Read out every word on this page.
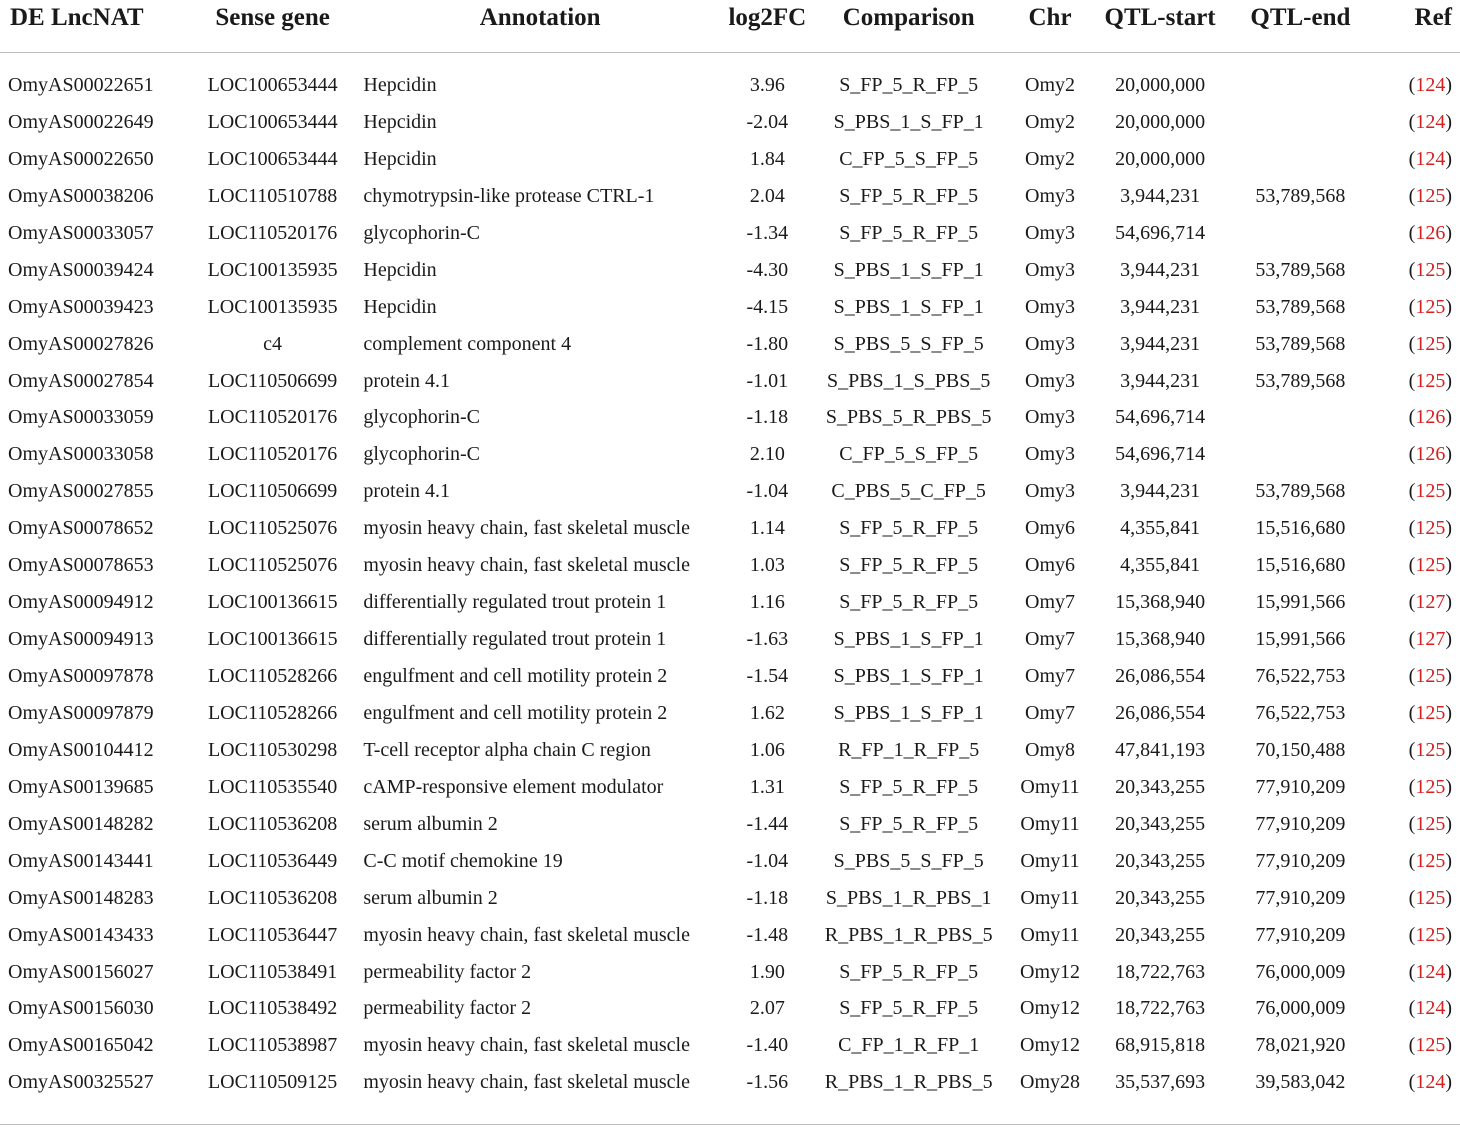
DE LncNAT	Sense gene	Annotation	log2FC	Comparison	Chr	QTL-start	QTL-end	Ref
OmyAS00022651	LOC100653444	Hepcidin	3.96	S_FP_5_R_FP_5	Omy2	20,000,000		(124)
OmyAS00022649	LOC100653444	Hepcidin	-2.04	S_PBS_1_S_FP_1	Omy2	20,000,000		(124)
OmyAS00022650	LOC100653444	Hepcidin	1.84	C_FP_5_S_FP_5	Omy2	20,000,000		(124)
OmyAS00038206	LOC110510788	chymotrypsin-like protease CTRL-1	2.04	S_FP_5_R_FP_5	Omy3	3,944,231	53,789,568	(125)
OmyAS00033057	LOC110520176	glycophorin-C	-1.34	S_FP_5_R_FP_5	Omy3	54,696,714		(126)
OmyAS00039424	LOC100135935	Hepcidin	-4.30	S_PBS_1_S_FP_1	Omy3	3,944,231	53,789,568	(125)
OmyAS00039423	LOC100135935	Hepcidin	-4.15	S_PBS_1_S_FP_1	Omy3	3,944,231	53,789,568	(125)
OmyAS00027826	c4	complement component 4	-1.80	S_PBS_5_S_FP_5	Omy3	3,944,231	53,789,568	(125)
OmyAS00027854	LOC110506699	protein 4.1	-1.01	S_PBS_1_S_PBS_5	Omy3	3,944,231	53,789,568	(125)
OmyAS00033059	LOC110520176	glycophorin-C	-1.18	S_PBS_5_R_PBS_5	Omy3	54,696,714		(126)
OmyAS00033058	LOC110520176	glycophorin-C	2.10	C_FP_5_S_FP_5	Omy3	54,696,714		(126)
OmyAS00027855	LOC110506699	protein 4.1	-1.04	C_PBS_5_C_FP_5	Omy3	3,944,231	53,789,568	(125)
OmyAS00078652	LOC110525076	myosin heavy chain, fast skeletal muscle	1.14	S_FP_5_R_FP_5	Omy6	4,355,841	15,516,680	(125)
OmyAS00078653	LOC110525076	myosin heavy chain, fast skeletal muscle	1.03	S_FP_5_R_FP_5	Omy6	4,355,841	15,516,680	(125)
OmyAS00094912	LOC100136615	differentially regulated trout protein 1	1.16	S_FP_5_R_FP_5	Omy7	15,368,940	15,991,566	(127)
OmyAS00094913	LOC100136615	differentially regulated trout protein 1	-1.63	S_PBS_1_S_FP_1	Omy7	15,368,940	15,991,566	(127)
OmyAS00097878	LOC110528266	engulfment and cell motility protein 2	-1.54	S_PBS_1_S_FP_1	Omy7	26,086,554	76,522,753	(125)
OmyAS00097879	LOC110528266	engulfment and cell motility protein 2	1.62	S_PBS_1_S_FP_1	Omy7	26,086,554	76,522,753	(125)
OmyAS00104412	LOC110530298	T-cell receptor alpha chain C region	1.06	R_FP_1_R_FP_5	Omy8	47,841,193	70,150,488	(125)
OmyAS00139685	LOC110535540	cAMP-responsive element modulator	1.31	S_FP_5_R_FP_5	Omy11	20,343,255	77,910,209	(125)
OmyAS00148282	LOC110536208	serum albumin 2	-1.44	S_FP_5_R_FP_5	Omy11	20,343,255	77,910,209	(125)
OmyAS00143441	LOC110536449	C-C motif chemokine 19	-1.04	S_PBS_5_S_FP_5	Omy11	20,343,255	77,910,209	(125)
OmyAS00148283	LOC110536208	serum albumin 2	-1.18	S_PBS_1_R_PBS_1	Omy11	20,343,255	77,910,209	(125)
OmyAS00143433	LOC110536447	myosin heavy chain, fast skeletal muscle	-1.48	R_PBS_1_R_PBS_5	Omy11	20,343,255	77,910,209	(125)
OmyAS00156027	LOC110538491	permeability factor 2	1.90	S_FP_5_R_FP_5	Omy12	18,722,763	76,000,009	(124)
OmyAS00156030	LOC110538492	permeability factor 2	2.07	S_FP_5_R_FP_5	Omy12	18,722,763	76,000,009	(124)
OmyAS00165042	LOC110538987	myosin heavy chain, fast skeletal muscle	-1.40	C_FP_1_R_FP_1	Omy12	68,915,818	78,021,920	(125)
OmyAS00325527	LOC110509125	myosin heavy chain, fast skeletal muscle	-1.56	R_PBS_1_R_PBS_5	Omy28	35,537,693	39,583,042	(124)
